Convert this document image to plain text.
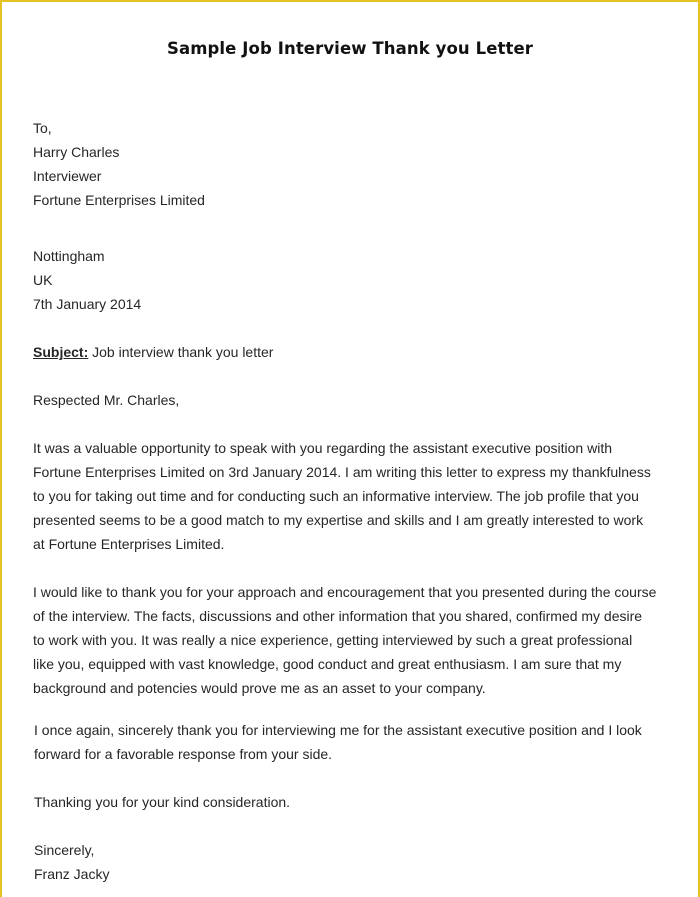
Sample Job Interview Thank you Letter
To,
Harry Charles
Interviewer
Fortune Enterprises Limited
Nottingham
UK
7th January 2014
Subject: Job interview thank you letter
Respected Mr. Charles,
It was a valuable opportunity to speak with you regarding the assistant executive position with
Fortune Enterprises Limited on 3rd January 2014. I am writing this letter to express my thankfulness
to you for taking out time and for conducting such an informative interview. The job profile that you
presented seems to be a good match to my expertise and skills and I am greatly interested to work
at Fortune Enterprises Limited.
I would like to thank you for your approach and encouragement that you presented during the course
of the interview. The facts, discussions and other information that you shared, confirmed my desire
to work with you. It was really a nice experience, getting interviewed by such a great professional
like you, equipped with vast knowledge, good conduct and great enthusiasm. I am sure that my
background and potencies would prove me as an asset to your company.
I once again, sincerely thank you for interviewing me for the assistant executive position and I look
forward for a favorable response from your side.
Thanking you for your kind consideration.
Sincerely,
Franz Jacky
